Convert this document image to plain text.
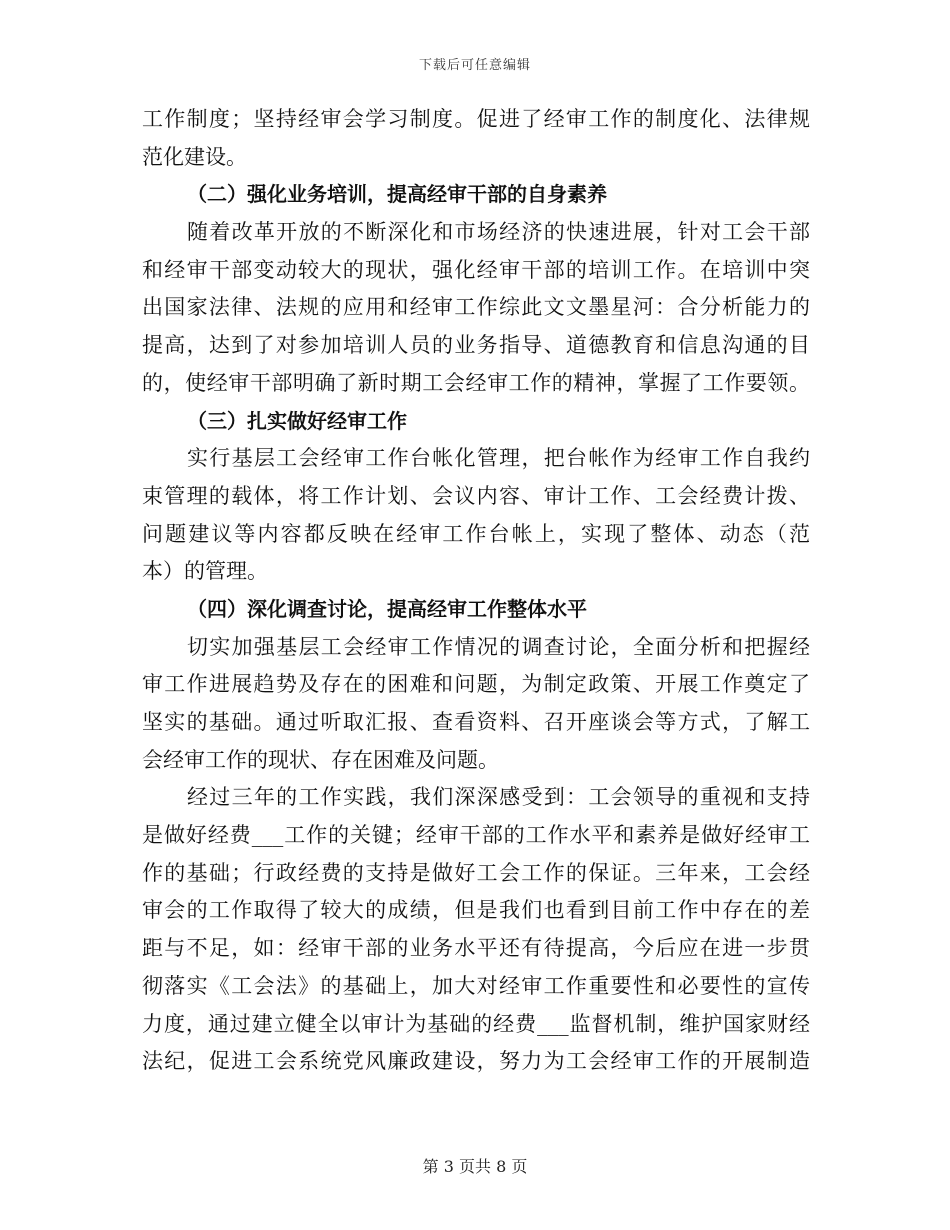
下载后可任意编辑
工作制度；坚持经审会学习制度。促进了经审工作的制度化、法律规
范化建设。
（二）强化业务培训，提高经审干部的自身素养
随着改革开放的不断深化和市场经济的快速进展，针对工会干部
和经审干部变动较大的现状，强化经审干部的培训工作。在培训中突
出国家法律、法规的应用和经审工作综此文文墨星河：合分析能力的
提高，达到了对参加培训人员的业务指导、道德教育和信息沟通的目
的，使经审干部明确了新时期工会经审工作的精神，掌握了工作要领。
（三）扎实做好经审工作
实行基层工会经审工作台帐化管理，把台帐作为经审工作自我约
束管理的载体，将工作计划、会议内容、审计工作、工会经费计拨、
问题建议等内容都反映在经审工作台帐上，实现了整体、动态（范
本）的管理。
（四）深化调查讨论，提高经审工作整体水平
切实加强基层工会经审工作情况的调查讨论，全面分析和把握经
审工作进展趋势及存在的困难和问题，为制定政策、开展工作奠定了
坚实的基础。通过听取汇报、查看资料、召开座谈会等方式，了解工
会经审工作的现状、存在困难及问题。
经过三年的工作实践，我们深深感受到：工会领导的重视和支持
是做好经费___工作的关键；经审干部的工作水平和素养是做好经审工
作的基础；行政经费的支持是做好工会工作的保证。三年来，工会经
审会的工作取得了较大的成绩，但是我们也看到目前工作中存在的差
距与不足，如：经审干部的业务水平还有待提高，今后应在进一步贯
彻落实《工会法》的基础上，加大对经审工作重要性和必要性的宣传
力度，通过建立健全以审计为基础的经费___监督机制，维护国家财经
法纪，促进工会系统党风廉政建设，努力为工会经审工作的开展制造
第 3 页共 8 页
